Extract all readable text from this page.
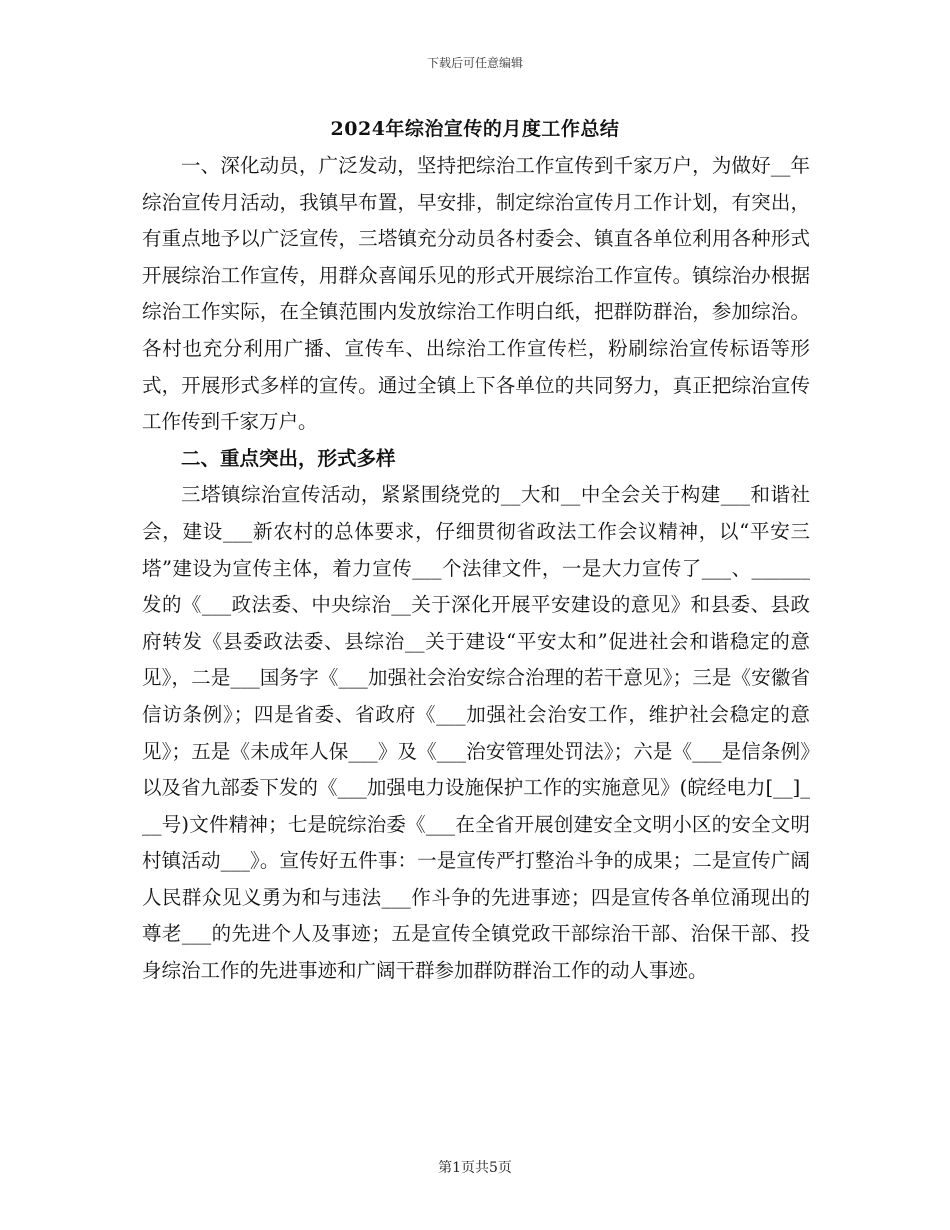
下载后可任意编辑
2024年综治宣传的月度工作总结

一、深化动员，广泛发动，坚持把综治工作宣传到千家万户，为做好__年综治宣传月活动，我镇早布置，早安排，制定综治宣传月工作计划，有突出，有重点地予以广泛宣传，三塔镇充分动员各村委会、镇直各单位利用各种形式开展综治工作宣传，用群众喜闻乐见的形式开展综治工作宣传。镇综治办根据综治工作实际，在全镇范围内发放综治工作明白纸，把群防群治，参加综治。各村也充分利用广播、宣传车、出综治工作宣传栏，粉刷综治宣传标语等形式，开展形式多样的宣传。通过全镇上下各单位的共同努力，真正把综治宣传工作传到千家万户。

二、重点突出，形式多样

三塔镇综治宣传活动，紧紧围绕党的__大和__中全会关于构建___和谐社会，建设___新农村的总体要求，仔细贯彻省政法工作会议精神，以“平安三塔”建设为宣传主体，着力宣传___个法律文件，一是大力宣传了___、______发的《___政法委、中央综治__关于深化开展平安建设的意见》和县委、县政府转发《县委政法委、县综治__关于建设“平安太和”促进社会和谐稳定的意见》，二是___国务字《___加强社会治安综合治理的若干意见》；三是《安徽省信访条例》；四是省委、省政府《___加强社会治安工作，维护社会稳定的意见》；五是《未成年人保___》及《___治安管理处罚法》；六是《___是信条例》以及省九部委下发的《___加强电力设施保护工作的实施意见》(皖经电力[__]___号)文件精神；七是皖综治委《___在全省开展创建安全文明小区的安全文明村镇活动___》。宣传好五件事：一是宣传严打整治斗争的成果；二是宣传广阔人民群众见义勇为和与违法___作斗争的先进事迹；四是宣传各单位涌现出的尊老___的先进个人及事迹；五是宣传全镇党政干部综治干部、治保干部、投身综治工作的先进事迹和广阔干群参加群防群治工作的动人事迹。

第1页共5页
